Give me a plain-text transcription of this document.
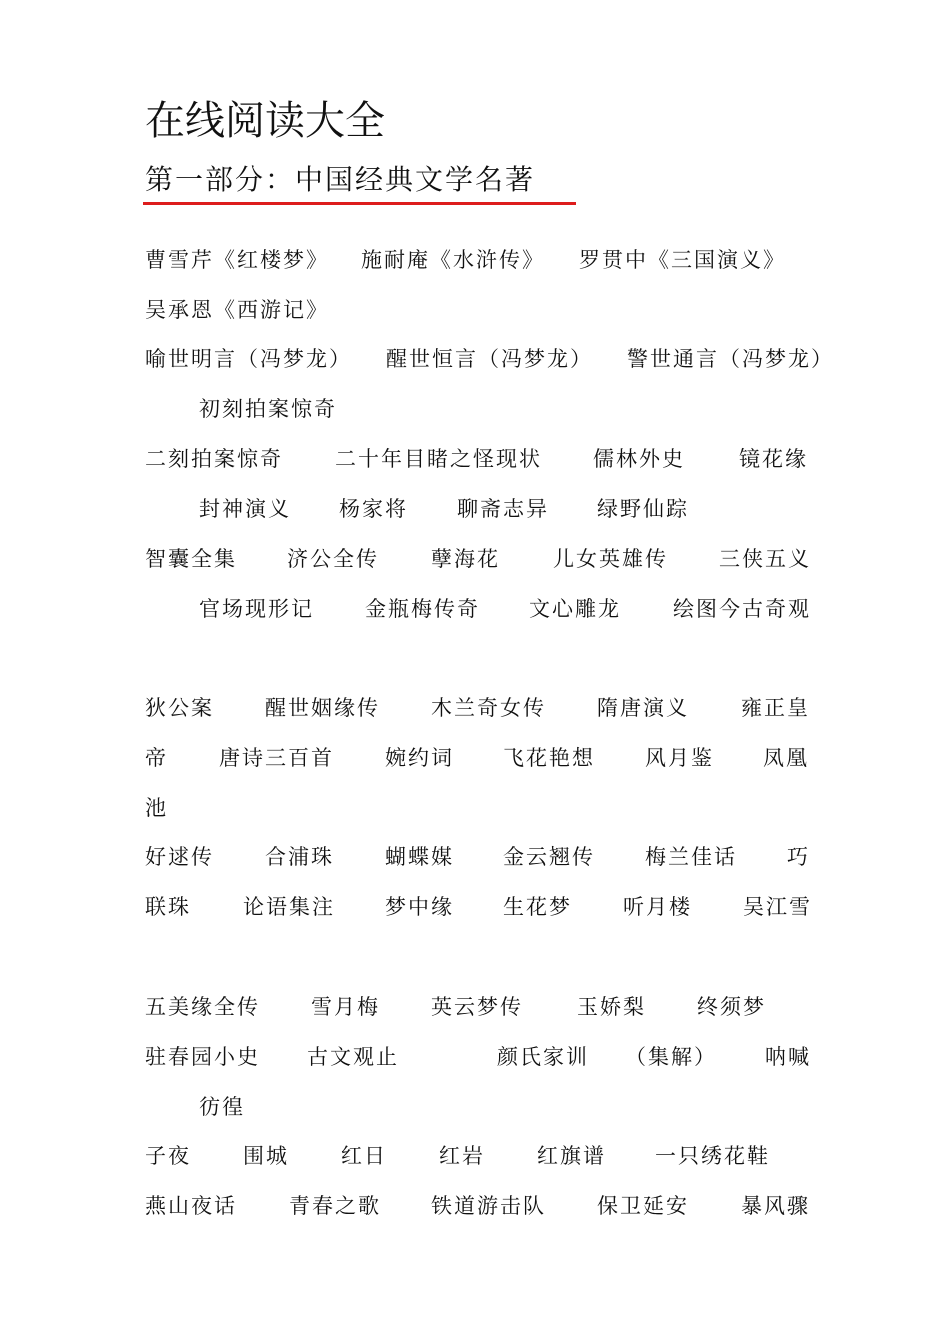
在线阅读大全
第一部分：中国经典文学名著
曹雪芹《红楼梦》 施耐庵《水浒传》 罗贯中《三国演义》
吴承恩《西游记》
喻世明言（冯梦龙） 醒世恒言（冯梦龙） 警世通言（冯梦龙）
初刻拍案惊奇
二刻拍案惊奇 二十年目睹之怪现状 儒林外史	镜花缘
封神演义 杨家将 聊斋志异 绿野仙踪
智囊全集 济公全传 孽海花	儿女英雄传 三侠五义
官场现形记 金瓶梅传奇 文心雕龙 绘图今古奇观
狄公案 醒世姻缘传 木兰奇女传 隋唐演义 雍正皇
帝 唐诗三百首 婉约词 飞花艳想 风月鉴 凤凰
池
好逑传 合浦珠 蝴蝶媒 金云翘传 梅兰佳话 巧
联珠 论语集注 梦中缘 生花梦 听月楼 吴江雪
五美缘全传 雪月梅 英云梦传	玉娇梨 终须梦
驻春园小史 古文观止	颜氏家训 （集解） 呐喊
彷徨
子夜 围城 红日 红岩 红旗谱 一只绣花鞋
燕山夜话 青春之歌 铁道游击队 保卫延安 暴风骤
